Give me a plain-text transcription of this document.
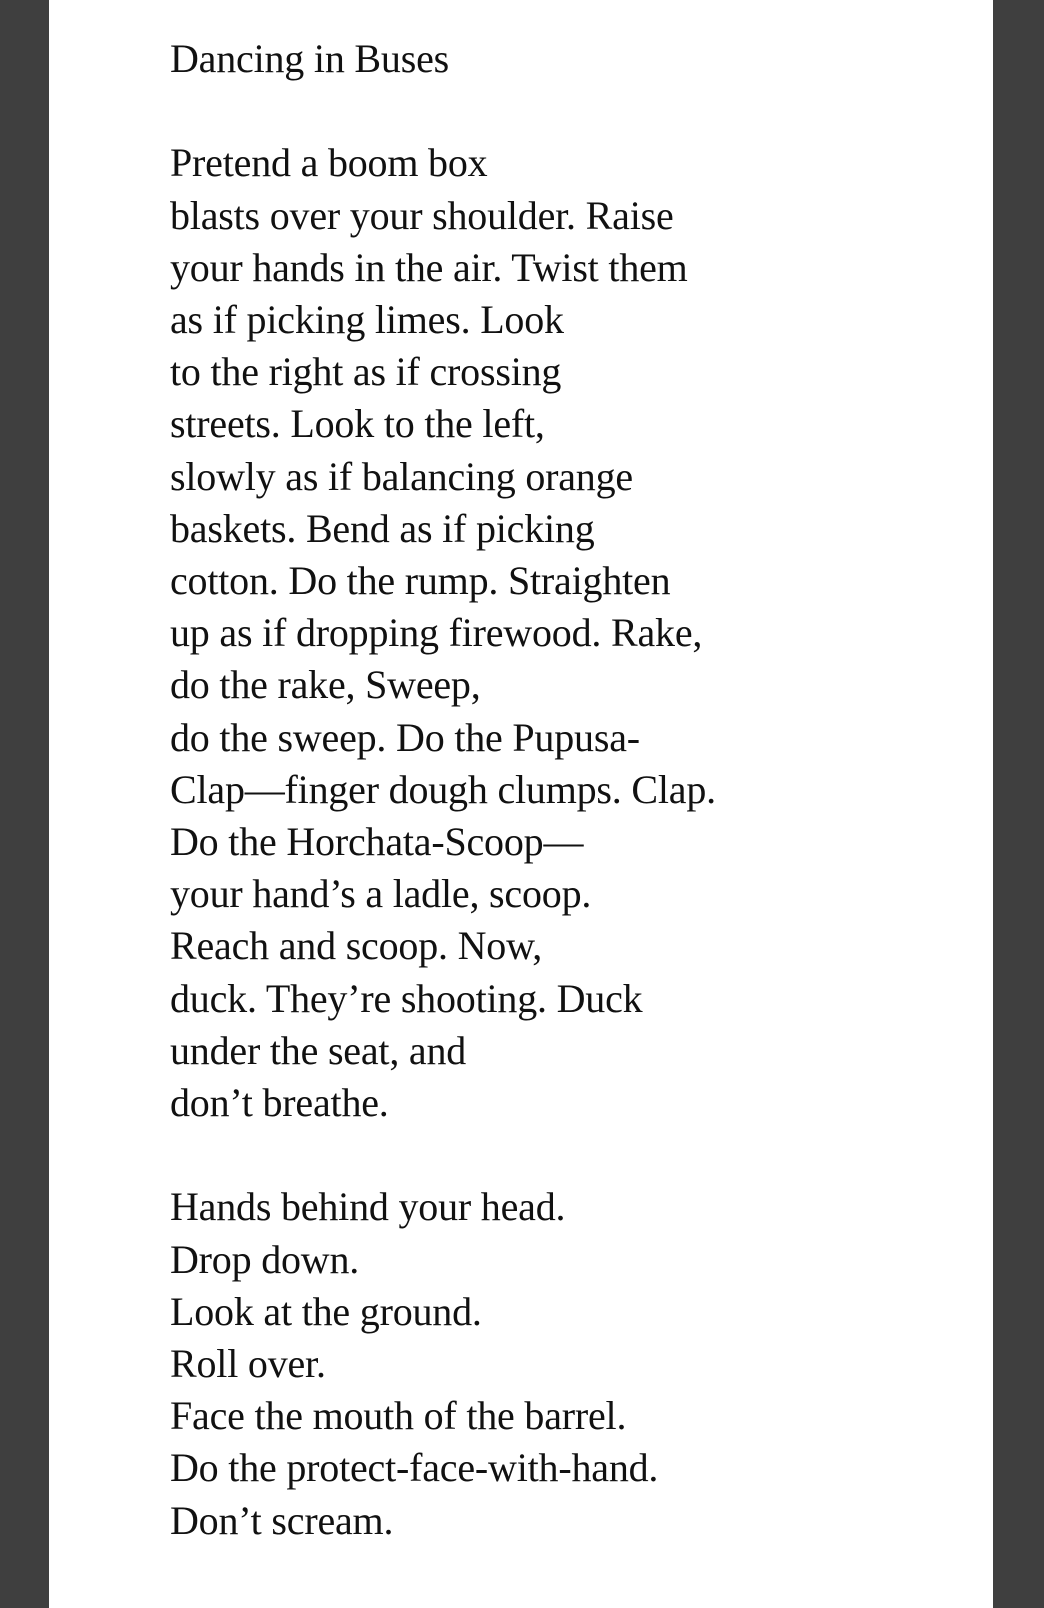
Dancing in Buses
Pretend a boom box
blasts over your shoulder. Raise
your hands in the air. Twist them
as if picking limes. Look
to the right as if crossing
streets. Look to the left,
slowly as if balancing orange
baskets. Bend as if picking
cotton. Do the rump. Straighten
up as if dropping firewood. Rake,
do the rake, Sweep,
do the sweep. Do the Pupusa-
Clap—finger dough clumps. Clap.
Do the Horchata-Scoop—
your hand’s a ladle, scoop.
Reach and scoop. Now,
duck. They’re shooting. Duck
under the seat, and
don’t breathe.
Hands behind your head.
Drop down.
Look at the ground.
Roll over.
Face the mouth of the barrel.
Do the protect-face-with-hand.
Don’t scream.
